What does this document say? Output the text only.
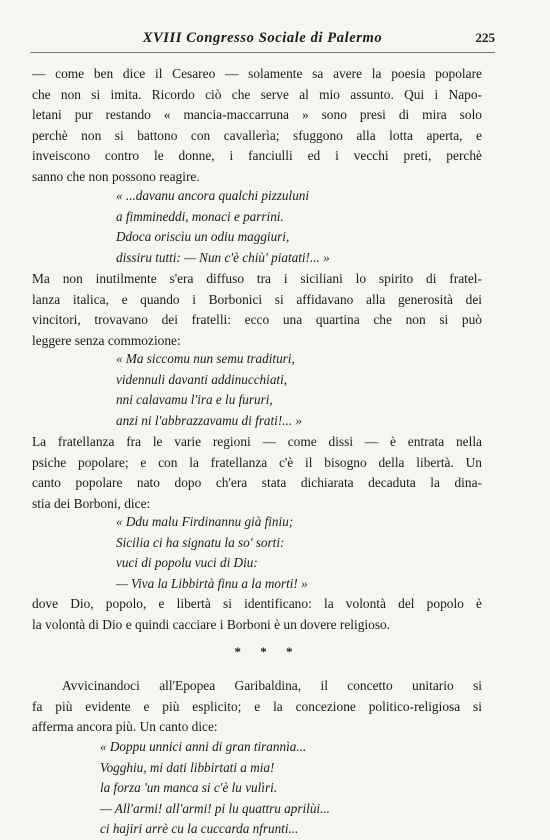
XVIII Congresso Sociale di Palermo	225
— come ben dice il Cesareo — solamente sa avere la poesia popolare
che non si imita. Ricordo ciò che serve al mio assunto. Qui i Napo-
letani pur restando « mancia-maccarruna » sono presi di mira solo
perchè non si battono con cavallerìa; sfuggono alla lotta aperta, e
inveiscono contro le donne, i fanciulli ed i vecchi preti, perchè
sanno che non possono reagire.
« ...davanu ancora qualchi pizzuluni
a fimmineddi, monaci e parrini.
Ddoca oriscìu un odiu maggiuri,
dissiru tutti: — Nun c'è chiù' piatati!... »
Ma non inutilmente s'era diffuso tra i siciliani lo spirito di fratel-
lanza italica, e quando i Borbonici si affidavano alla generosità dei
vincitori, trovavano dei fratelli: ecco una quartina che non si può
leggere senza commozione:
« Ma siccomu nun semu tradituri,
vidennuli davanti addinucchiati,
nni calavamu l'ira e lu fururi,
anzi ni l'abbrazzavamu di frati!... »
La fratellanza fra le varie regioni — come dissi — è entrata nella
psiche popolare; e con la fratellanza c'è il bisogno della libertà. Un
canto popolare nato dopo ch'era stata dichiarata decaduta la dina-
stia dei Borboni, dice:
« Ddu malu Firdinannu già finiu;
Sicilia ci ha signatu la so' sorti:
vuci di popolu vuci di Diu:
— Viva la Libbirtà finu a la morti! »
dove Dio, popolo, e libertà si identificano: la volontà del popolo è
la volontà di Dio e quindi cacciare i Borboni è un dovere religioso.
* * *
Avvicinandoci all'Epopea Garibaldina, il concetto unitario si
fa più evidente e più esplicito; e la concezione politico-religiosa si
afferma ancora più. Un canto dice:
« Doppu unnici anni di gran tirannìa...
Vogghiu, mi dati libbirtati a mia!
la forza 'un manca si c'è lu vulìri.
— All'armi! all'armi! pi lu quattru aprilùi...
ci hajiri arrè cu la cuccarda nfrunti...
